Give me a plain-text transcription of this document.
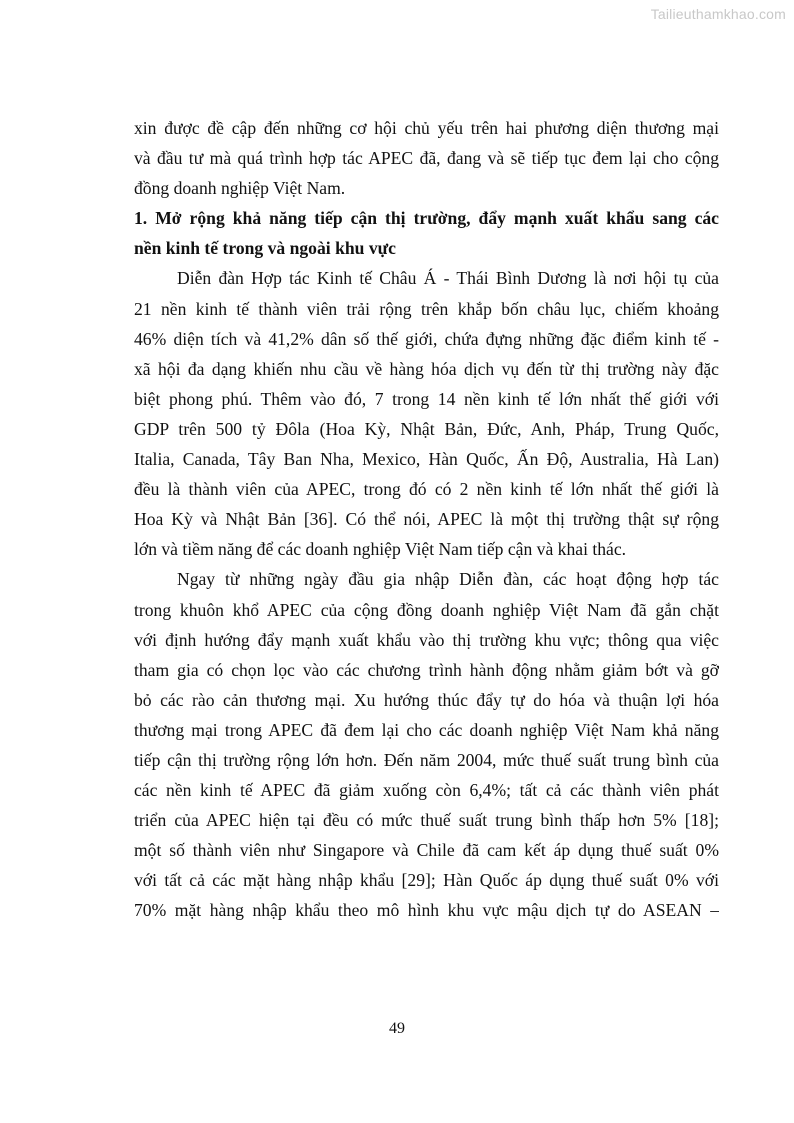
Tailieuthamkhao.com
xin được đề cập đến những cơ hội chủ yếu trên hai phương diện thương mại
và đầu tư mà quá trình hợp tác APEC đã, đang và sẽ tiếp tục đem lại cho cộng
đồng doanh nghiệp Việt Nam.
1. Mở rộng khả năng tiếp cận thị trường, đẩy mạnh xuất khẩu sang các
nền kinh tế trong và ngoài khu vực
Diễn đàn Hợp tác Kinh tế Châu Á - Thái Bình Dương là nơi hội tụ của
21 nền kinh tế thành viên trải rộng trên khắp bốn châu lục, chiếm khoảng
46% diện tích và 41,2% dân số thế giới, chứa đựng những đặc điểm kinh tế -
xã hội đa dạng khiến nhu cầu về hàng hóa dịch vụ đến từ thị trường này đặc
biệt phong phú. Thêm vào đó, 7 trong 14 nền kinh tế lớn nhất thế giới với
GDP trên 500 tỷ Đôla (Hoa Kỳ, Nhật Bản, Đức, Anh, Pháp, Trung Quốc,
Italia, Canada, Tây Ban Nha, Mexico, Hàn Quốc, Ấn Độ, Australia, Hà Lan)
đều là thành viên của APEC, trong đó có 2 nền kinh tế lớn nhất thế giới là
Hoa Kỳ và Nhật Bản [36]. Có thể nói, APEC là một thị trường thật sự rộng
lớn và tiềm năng để các doanh nghiệp Việt Nam tiếp cận và khai thác.
Ngay từ những ngày đầu gia nhập Diễn đàn, các hoạt động hợp tác
trong khuôn khổ APEC của cộng đồng doanh nghiệp Việt Nam đã gắn chặt
với định hướng đẩy mạnh xuất khẩu vào thị trường khu vực; thông qua việc
tham gia có chọn lọc vào các chương trình hành động nhằm giảm bớt và gỡ
bỏ các rào cản thương mại. Xu hướng thúc đẩy tự do hóa và thuận lợi hóa
thương mại trong APEC đã đem lại cho các doanh nghiệp Việt Nam khả năng
tiếp cận thị trường rộng lớn hơn. Đến năm 2004, mức thuế suất trung bình của
các nền kinh tế APEC đã giảm xuống còn 6,4%; tất cả các thành viên phát
triển của APEC hiện tại đều có mức thuế suất trung bình thấp hơn 5% [18];
một số thành viên như Singapore và Chile đã cam kết áp dụng thuế suất 0%
với tất cả các mặt hàng nhập khẩu [29]; Hàn Quốc áp dụng thuế suất 0% với
70% mặt hàng nhập khẩu theo mô hình khu vực mậu dịch tự do ASEAN –
49
